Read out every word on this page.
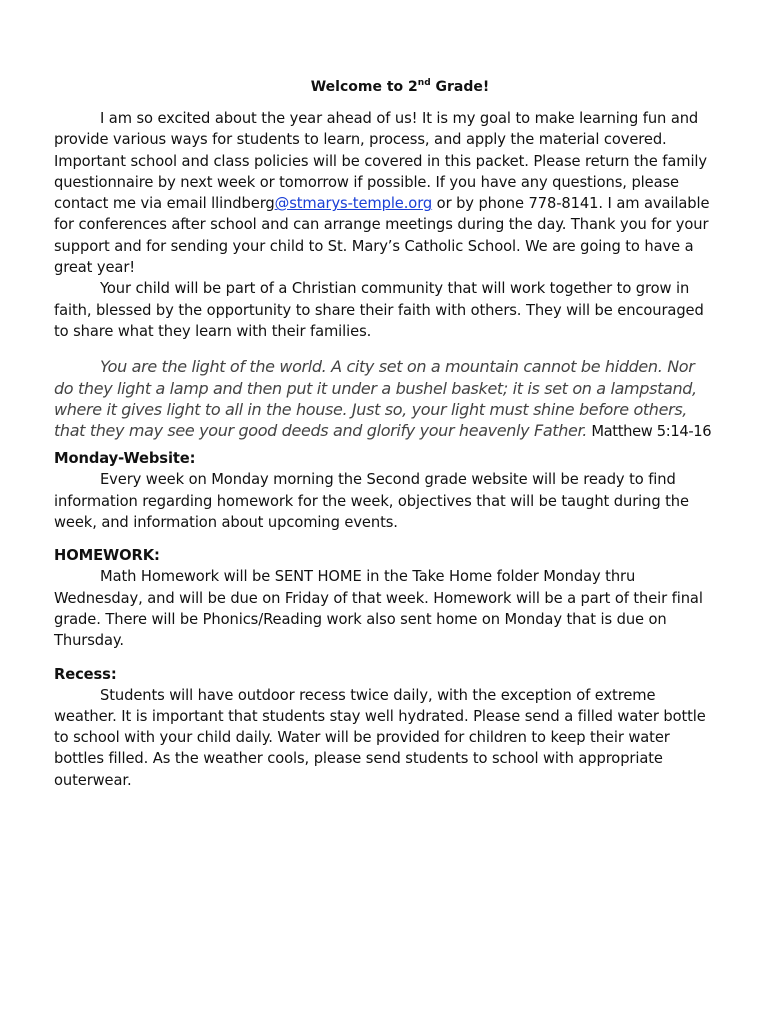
Welcome to 2nd Grade!

I am so excited about the year ahead of us! It is my goal to make learning fun and provide various ways for students to learn, process, and apply the material covered. Important school and class policies will be covered in this packet. Please return the family questionnaire by next week or tomorrow if possible. If you have any questions, please contact me via email llindberg@stmarys-temple.org or by phone 778-8141. I am available for conferences after school and can arrange meetings during the day. Thank you for your support and for sending your child to St. Mary’s Catholic School. We are going to have a great year!

Your child will be part of a Christian community that will work together to grow in faith, blessed by the opportunity to share their faith with others. They will be encouraged to share what they learn with their families.

You are the light of the world. A city set on a mountain cannot be hidden. Nor do they light a lamp and then put it under a bushel basket; it is set on a lampstand, where it gives light to all in the house. Just so, your light must shine before others, that they may see your good deeds and glorify your heavenly Father. Matthew 5:14-16

Monday-Website:

Every week on Monday morning the Second grade website will be ready to find information regarding homework for the week, objectives that will be taught during the week, and information about upcoming events.

HOMEWORK:

Math Homework will be SENT HOME in the Take Home folder Monday thru Wednesday, and will be due on Friday of that week. Homework will be a part of their final grade. There will be Phonics/Reading work also sent home on Monday that is due on Thursday.

Recess:

Students will have outdoor recess twice daily, with the exception of extreme weather. It is important that students stay well hydrated. Please send a filled water bottle to school with your child daily. Water will be provided for children to keep their water bottles filled. As the weather cools, please send students to school with appropriate outerwear.
